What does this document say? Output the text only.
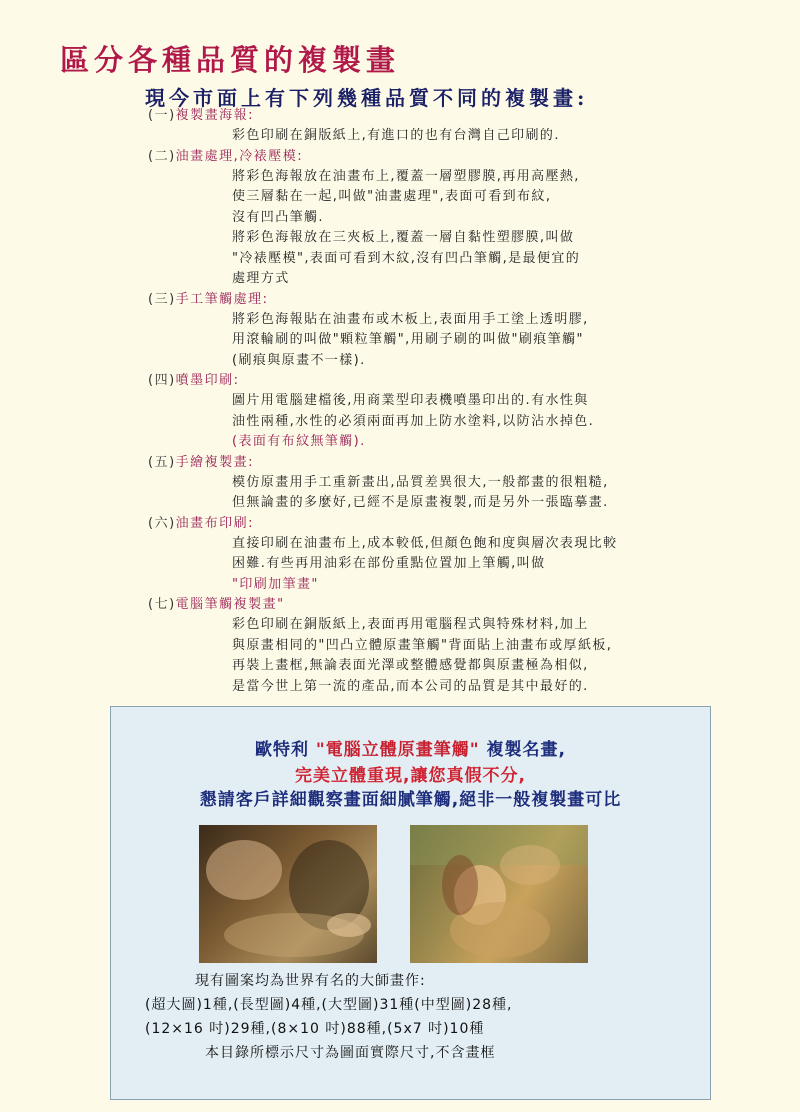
區分各種品質的複製畫
現今市面上有下列幾種品質不同的複製畫:
(一)複製畫海報:
彩色印刷在銅版紙上,有進口的也有台灣自己印刷的.
(二)油畫處理,冷裱壓模:
將彩色海報放在油畫布上,覆蓋一層塑膠膜,再用高壓熱,
使三層黏在一起,叫做"油畫處理",表面可看到布紋,
沒有凹凸筆觸.
將彩色海報放在三夾板上,覆蓋一層自黏性塑膠膜,叫做
"冷裱壓模",表面可看到木紋,沒有凹凸筆觸,是最便宜的
處理方式
(三)手工筆觸處理:
將彩色海報貼在油畫布或木板上,表面用手工塗上透明膠,
用滾輪刷的叫做"顆粒筆觸",用刷子刷的叫做"刷痕筆觸"
(刷痕與原畫不一樣).
(四)噴墨印刷:
圖片用電腦建檔後,用商業型印表機噴墨印出的.有水性與
油性兩種,水性的必須兩面再加上防水塗料,以防沾水掉色.
(表面有布紋無筆觸).
(五)手繪複製畫:
模仿原畫用手工重新畫出,品質差異很大,一般都畫的很粗糙,
但無論畫的多麼好,已經不是原畫複製,而是另外一張臨摹畫.
(六)油畫布印刷:
直接印刷在油畫布上,成本較低,但顏色飽和度與層次表現比較
困難.有些再用油彩在部份重點位置加上筆觸,叫做
"印刷加筆畫"
(七)電腦筆觸複製畫"
彩色印刷在銅版紙上,表面再用電腦程式與特殊材料,加上
與原畫相同的"凹凸立體原畫筆觸"背面貼上油畫布或厚紙板,
再裝上畫框,無論表面光澤或整體感覺都與原畫極為相似,
是當今世上第一流的產品,而本公司的品質是其中最好的.
歐特利 "電腦立體原畫筆觸" 複製名畫,
完美立體重現,讓您真假不分,
懇請客戶詳細觀察畫面細膩筆觸,絕非一般複製畫可比
現有圖案均為世界有名的大師畫作:
(超大圖)1種,(長型圖)4種,(大型圖)31種(中型圖)28種,
(12×16 吋)29種,(8×10 吋)88種,(5x7 吋)10種
本目錄所標示尺寸為圖面實際尺寸,不含畫框
